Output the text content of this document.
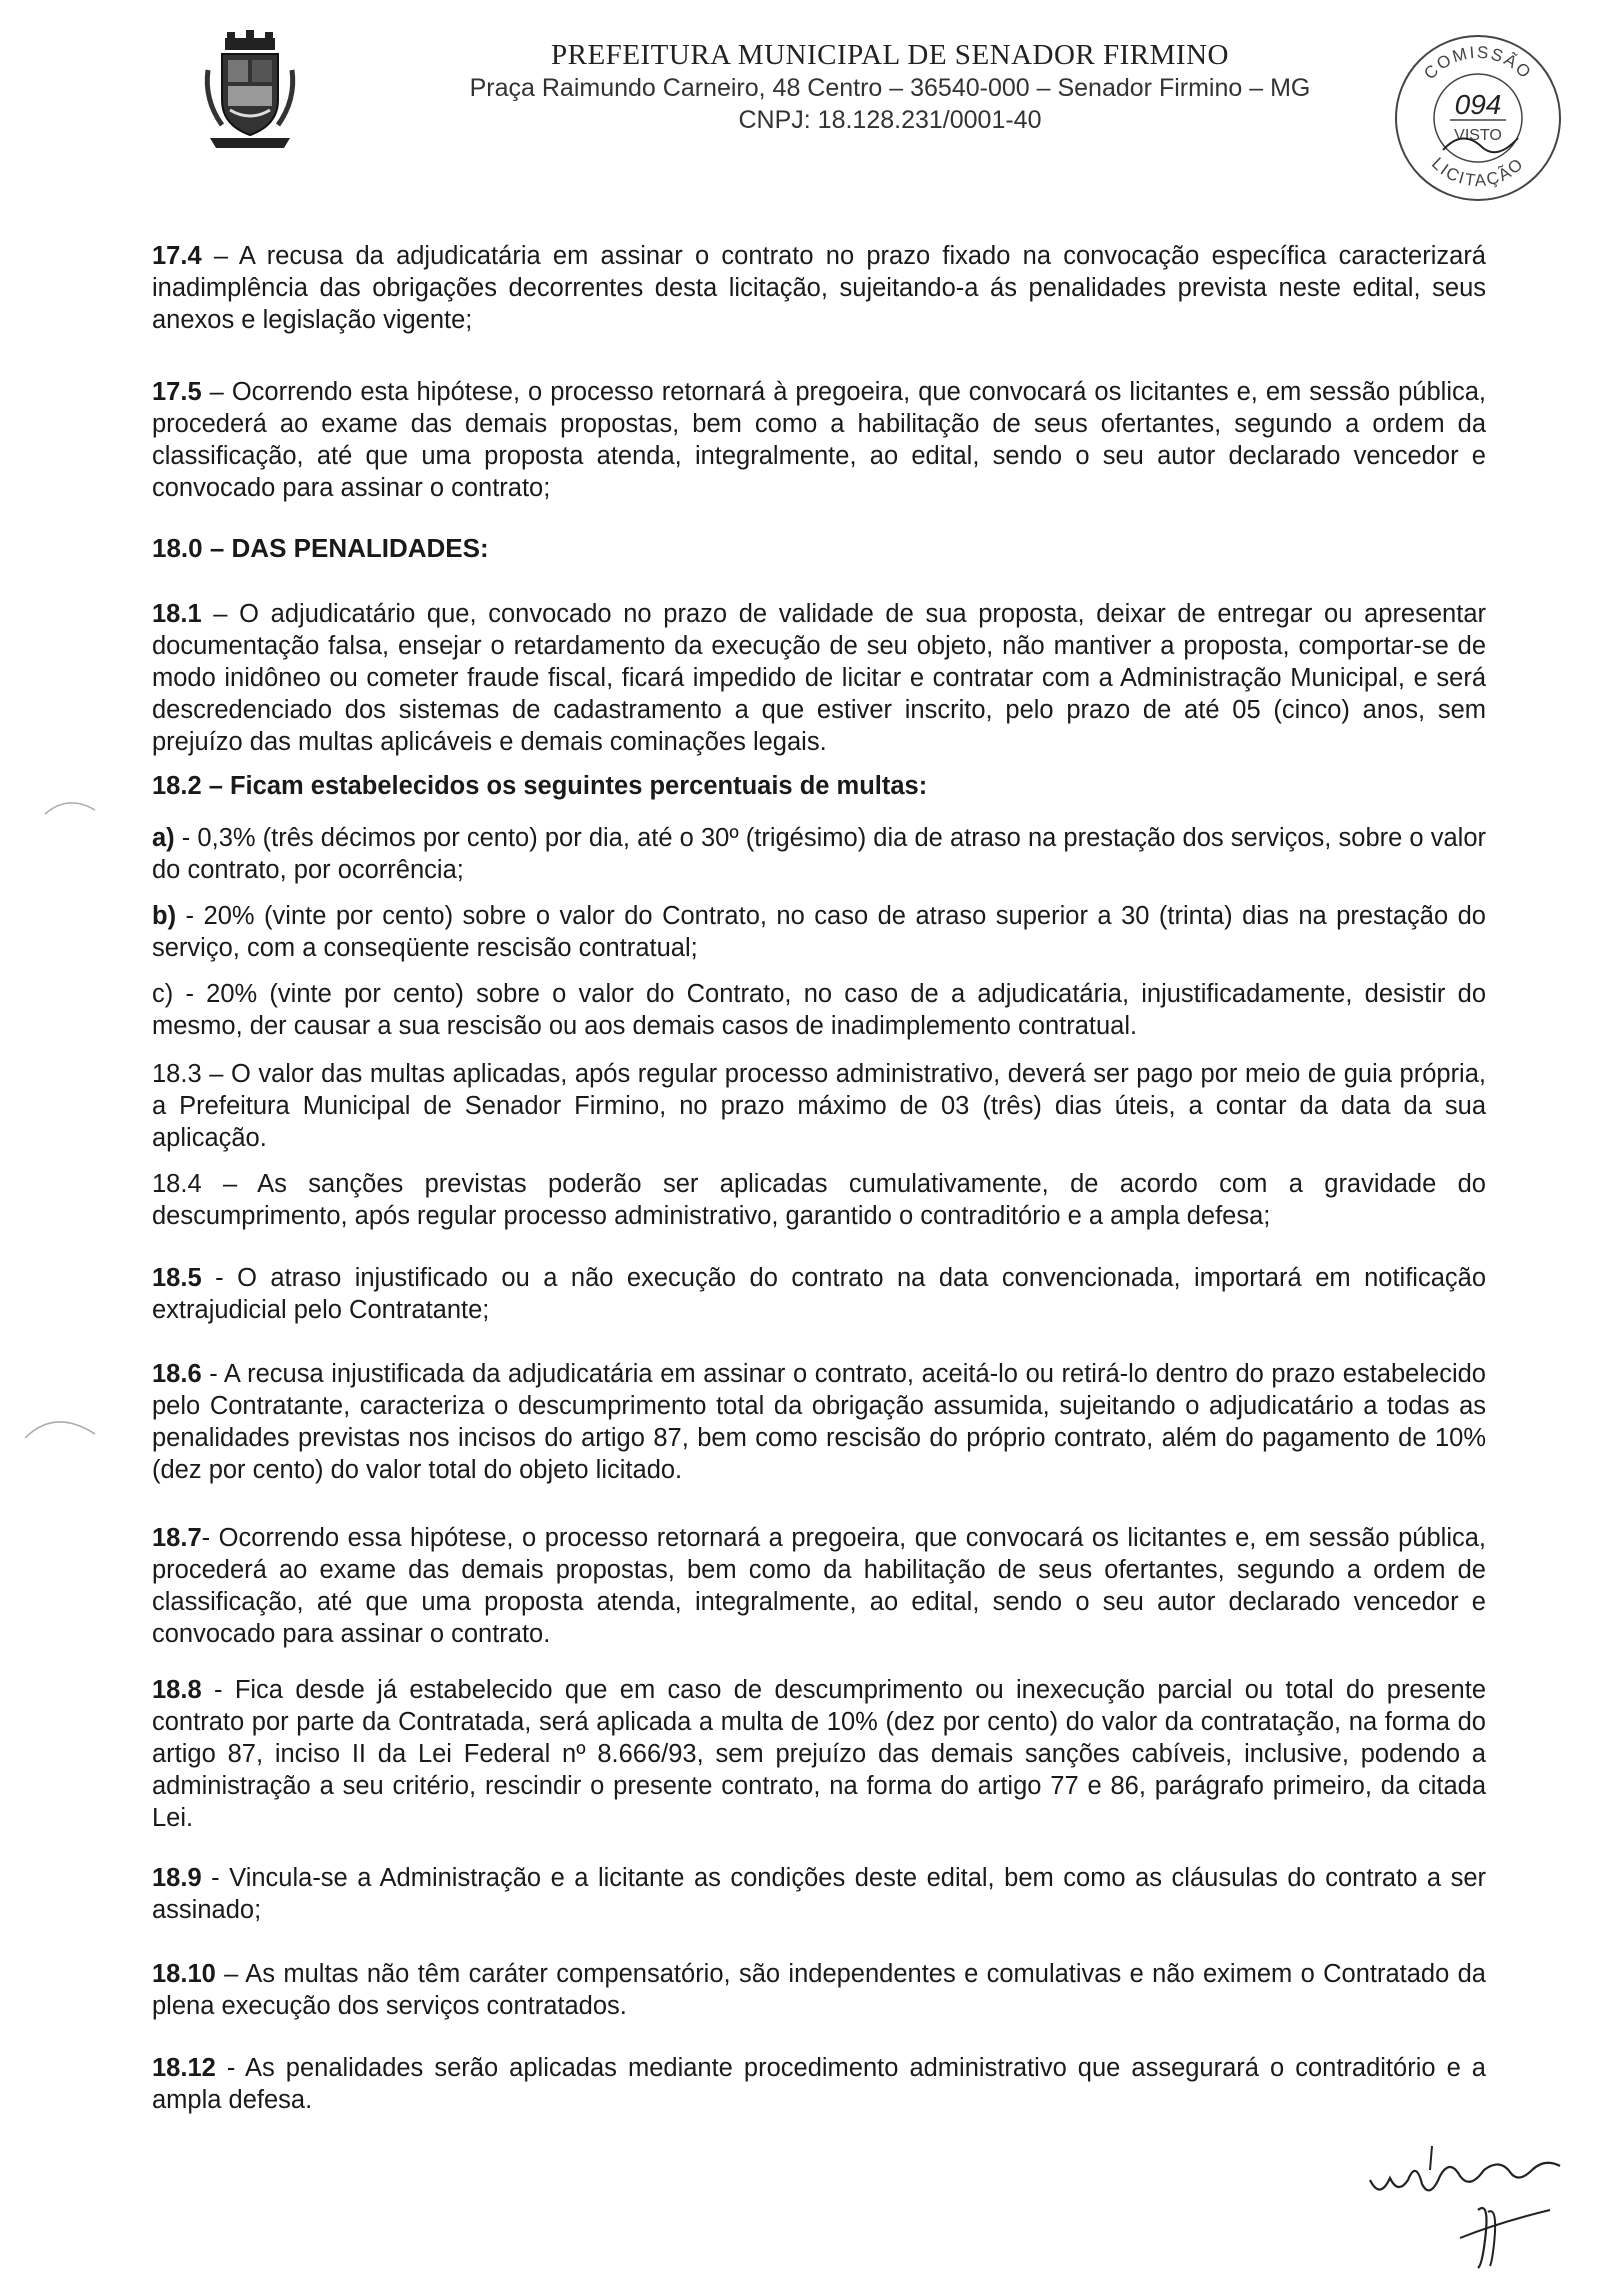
PREFEITURA MUNICIPAL DE SENADOR FIRMINO
Praça Raimundo Carneiro, 48 Centro – 36540-000 – Senador Firmino – MG
CNPJ: 18.128.231/0001-40
COMISSÃO
LICITAÇÃO
094
VISTO

17.4 – A recusa da adjudicatária em assinar o contrato no prazo fixado na convocação específica caracterizará inadimplência das obrigações decorrentes desta licitação, sujeitando-a ás penalidades prevista neste edital, seus anexos e legislação vigente;

17.5 – Ocorrendo esta hipótese, o processo retornará à pregoeira, que convocará os licitantes e, em sessão pública, procederá ao exame das demais propostas, bem como a habilitação de seus ofertantes, segundo a ordem da classificação, até que uma proposta atenda, integralmente, ao edital, sendo o seu autor declarado vencedor e convocado para assinar o contrato;

18.0 – DAS PENALIDADES:

18.1 – O adjudicatário que, convocado no prazo de validade de sua proposta, deixar de entregar ou apresentar documentação falsa, ensejar o retardamento da execução de seu objeto, não mantiver a proposta, comportar-se de modo inidôneo ou cometer fraude fiscal, ficará impedido de licitar e contratar com a Administração Municipal, e será descredenciado dos sistemas de cadastramento a que estiver inscrito, pelo prazo de até 05 (cinco) anos, sem prejuízo das multas aplicáveis e demais cominações legais.

18.2 – Ficam estabelecidos os seguintes percentuais de multas:

a) - 0,3% (três décimos por cento) por dia, até o 30º (trigésimo) dia de atraso na prestação dos serviços, sobre o valor do contrato, por ocorrência;

b) - 20% (vinte por cento) sobre o valor do Contrato, no caso de atraso superior a 30 (trinta) dias na prestação do serviço, com a conseqüente rescisão contratual;

c) - 20% (vinte por cento) sobre o valor do Contrato, no caso de a adjudicatária, injustificadamente, desistir do mesmo, der causar a sua rescisão ou aos demais casos de inadimplemento contratual.

18.3 – O valor das multas aplicadas, após regular processo administrativo, deverá ser pago por meio de guia própria, a Prefeitura Municipal de Senador Firmino, no prazo máximo de 03 (três) dias úteis, a contar da data da sua aplicação.

18.4 – As sanções previstas poderão ser aplicadas cumulativamente, de acordo com a gravidade do descumprimento, após regular processo administrativo, garantido o contraditório e a ampla defesa;

18.5 - O atraso injustificado ou a não execução do contrato na data convencionada, importará em notificação extrajudicial pelo Contratante;

18.6 - A recusa injustificada da adjudicatária em assinar o contrato, aceitá-lo ou retirá-lo dentro do prazo estabelecido pelo Contratante, caracteriza o descumprimento total da obrigação assumida, sujeitando o adjudicatário a todas as penalidades previstas nos incisos do artigo 87, bem como rescisão do próprio contrato, além do pagamento de 10% (dez por cento) do valor total do objeto licitado.

18.7- Ocorrendo essa hipótese, o processo retornará a pregoeira, que convocará os licitantes e, em sessão pública, procederá ao exame das demais propostas, bem como da habilitação de seus ofertantes, segundo a ordem de classificação, até que uma proposta atenda, integralmente, ao edital, sendo o seu autor declarado vencedor e convocado para assinar o contrato.

18.8 - Fica desde já estabelecido que em caso de descumprimento ou inexecução parcial ou total do presente contrato por parte da Contratada, será aplicada a multa de 10% (dez por cento) do valor da contratação, na forma do artigo 87, inciso II da Lei Federal nº 8.666/93, sem prejuízo das demais sanções cabíveis, inclusive, podendo a administração a seu critério, rescindir o presente contrato, na forma do artigo 77 e 86, parágrafo primeiro, da citada Lei.

18.9 - Vincula-se a Administração e a licitante as condições deste edital, bem como as cláusulas do contrato a ser assinado;

18.10 – As multas não têm caráter compensatório, são independentes e comulativas e não eximem o Contratado da plena execução dos serviços contratados.

18.12 - As penalidades serão aplicadas mediante procedimento administrativo que assegurará o contraditório e a ampla defesa.
